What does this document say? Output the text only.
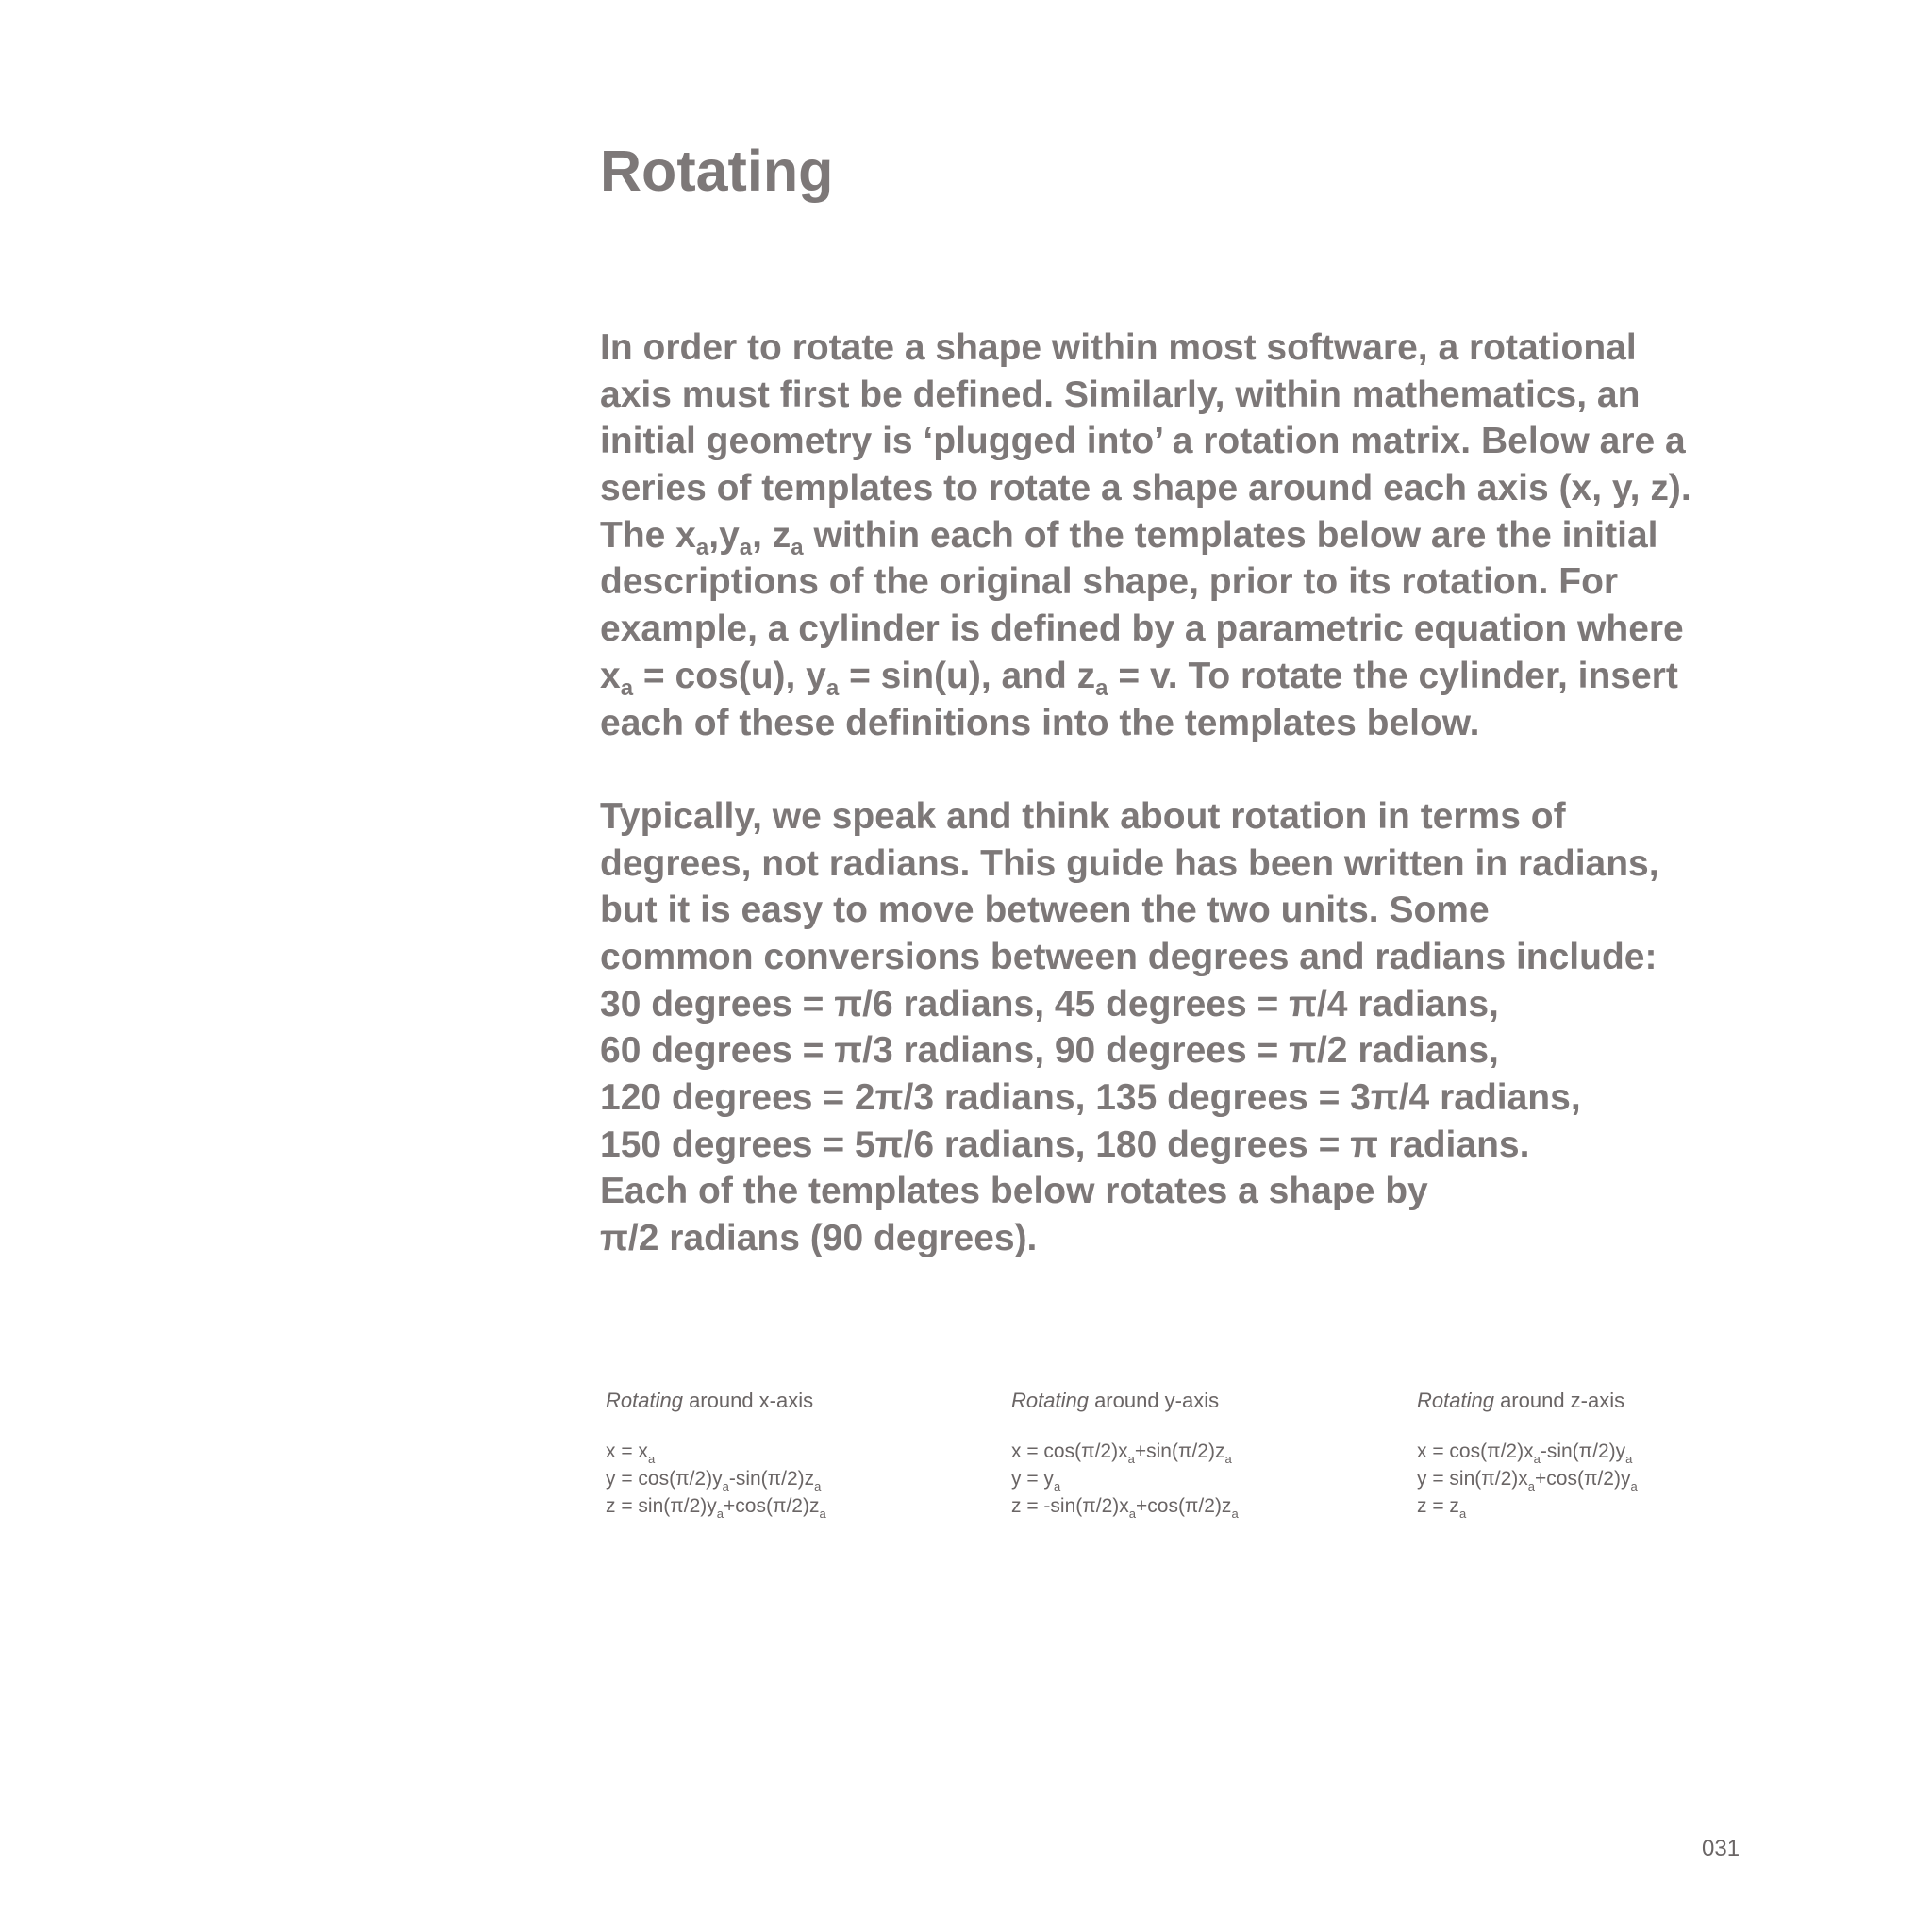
Rotating
In order to rotate a shape within most software, a rotational
axis must first be defined. Similarly, within mathematics, an
initial geometry is ‘plugged into’ a rotation matrix. Below are a
series of templates to rotate a shape around each axis (x, y, z).
The $x_a,y_a$, $z_a$ within each of the templates below are the initial
descriptions of the original shape, prior to its rotation. For
example, a cylinder is defined by a parametric equation where
$x_a = \cos(u)$, $y_a = \sin(u)$, and $z_a = v$. To rotate the cylinder, insert
each of these definitions into the templates below.
Typically, we speak and think about rotation in terms of
degrees, not radians. This guide has been written in radians,
but it is easy to move between the two units. Some
common conversions between degrees and radians include:
30 degrees = π/6 radians, 45 degrees = π/4 radians,
60 degrees = π/3 radians, 90 degrees = π/2 radians,
120 degrees = 2π/3 radians, 135 degrees = 3π/4 radians,
150 degrees = 5π/6 radians, 180 degrees = π radians.
Each of the templates below rotates a shape by
π/2 radians (90 degrees).
Rotating around x-axis
$x = x_a$
$y = \cos(\pi/2)y_a-\sin(\pi/2)z_a$
$z = \sin(\pi/2)y_a+\cos(\pi/2)z_a$
Rotating around y-axis
$x = \cos(\pi/2)x_a+\sin(\pi/2)z_a$
$y = y_a$
$z = -\sin(\pi/2)x_a+\cos(\pi/2)z_a$
Rotating around z-axis
$x = \cos(\pi/2)x_a-\sin(\pi/2)y_a$
$y = \sin(\pi/2)x_a+\cos(\pi/2)y_a$
$z = z_a$
031
